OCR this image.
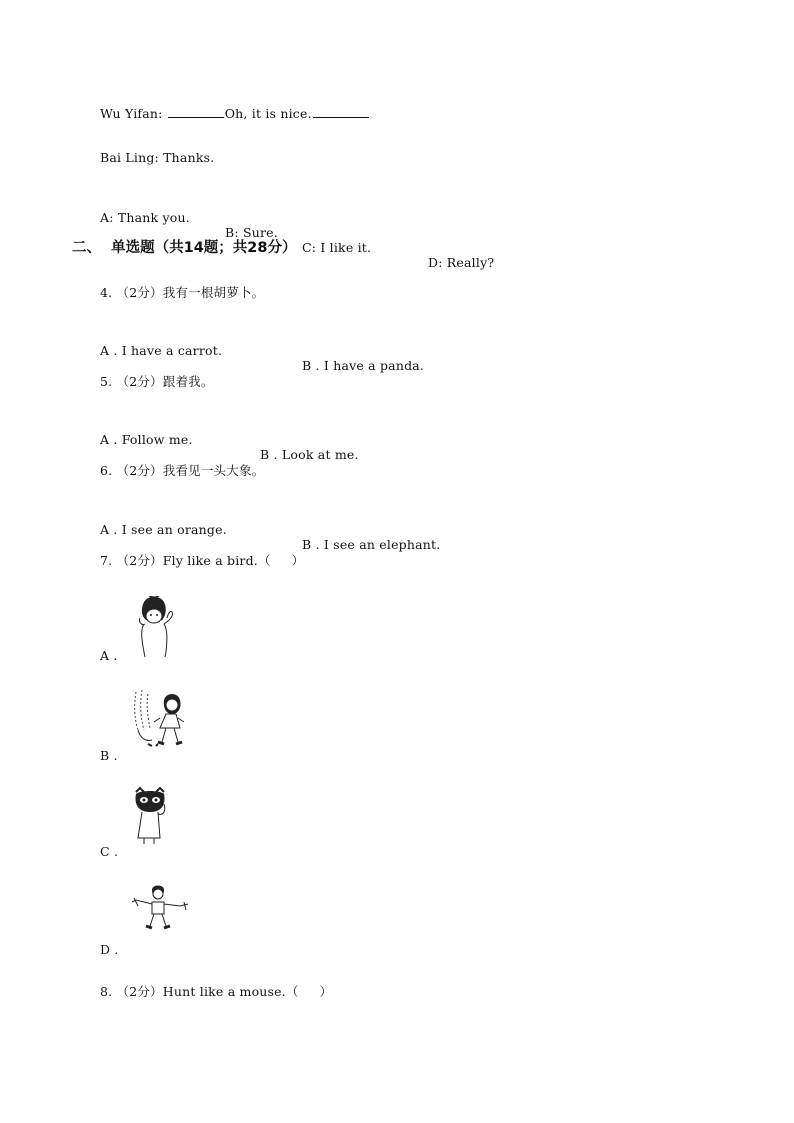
Wu Yifan:	Oh, it is nice.
Bai Ling: Thanks.

A: Thank you.

B: Sure.

C: I like it.

D: Really?

二、 单选题（共14题；共28分）
4. （2分）我有一根胡萝卜。

A . I have a carrot.

B . I have a panda.

5. （2分）跟着我。

A . Follow me.

B . Look at me.

6. （2分）我看见一头大象。

A . I see an orange.

B . I see an elephant.

7. （2分）Fly like a bird.（     ）
A .
B .
C .
D .
8. （2分）Hunt like a mouse.（     ）
